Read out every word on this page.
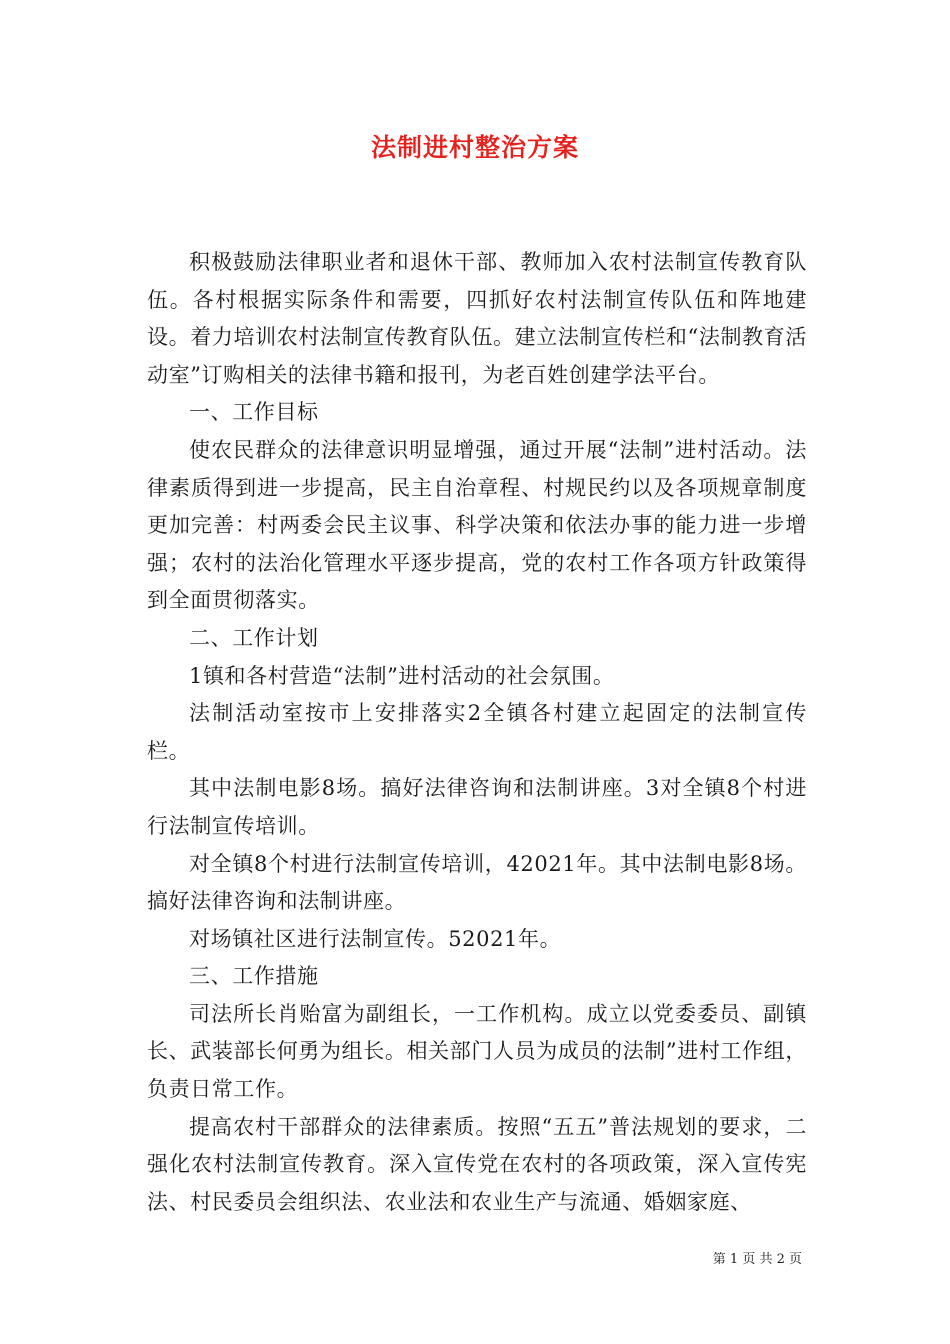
法制进村整治方案

积极鼓励法律职业者和退休干部、教师加入农村法制宣传教育队伍。各村根据实际条件和需要，四抓好农村法制宣传队伍和阵地建设。着力培训农村法制宣传教育队伍。建立法制宣传栏和“法制教育活动室”订购相关的法律书籍和报刊，为老百姓创建学法平台。

一、工作目标

使农民群众的法律意识明显增强，通过开展“法制”进村活动。法律素质得到进一步提高，民主自治章程、村规民约以及各项规章制度更加完善：村两委会民主议事、科学决策和依法办事的能力进一步增强；农村的法治化管理水平逐步提高，党的农村工作各项方针政策得到全面贯彻落实。

二、工作计划

1镇和各村营造“法制”进村活动的社会氛围。

法制活动室按市上安排落实2全镇各村建立起固定的法制宣传栏。

其中法制电影8场。搞好法律咨询和法制讲座。3对全镇8个村进行法制宣传培训。

对全镇8个村进行法制宣传培训，42021年。其中法制电影8场。搞好法律咨询和法制讲座。

对场镇社区进行法制宣传。52021年。

三、工作措施

司法所长肖贻富为副组长，一工作机构。成立以党委委员、副镇长、武装部长何勇为组长。相关部门人员为成员的法制”进村工作组，负责日常工作。

提高农村干部群众的法律素质。按照“五五”普法规划的要求，二强化农村法制宣传教育。深入宣传党在农村的各项政策，深入宣传宪法、村民委员会组织法、农业法和农业生产与流通、婚姻家庭、

第 1 页 共 2 页
